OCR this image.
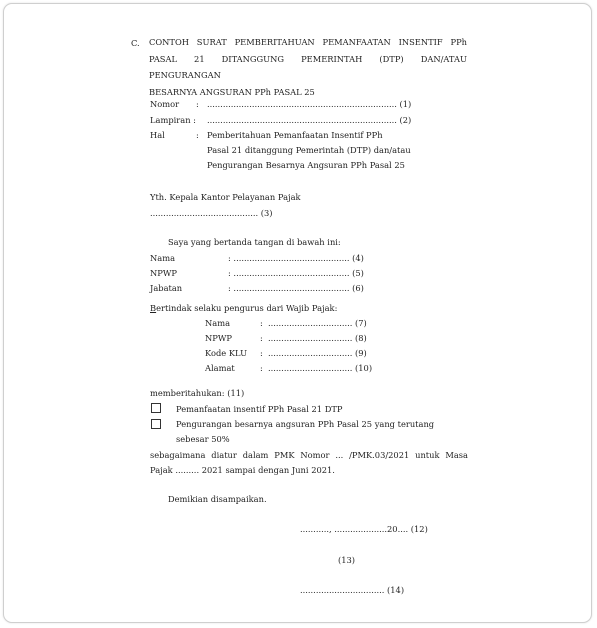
C. CONTOH SURAT PEMBERITAHUAN PEMANFAATAN INSENTIF PPh
PASAL 21 DITANGGUNG PEMERINTAH (DTP) DAN/ATAU PENGURANGAN
BESARNYA ANGSURAN PPh PASAL 25
Nomor : ........................................................................ (1)
Lampiran : ........................................................................ (2)
Hal	: Pemberitahuan Pemanfaatan Insentif PPh
Pasal 21 ditanggung Pemerintah (DTP) dan/atau
Pengurangan Besarnya Angsuran PPh Pasal 25
Yth. Kepala Kantor Pelayanan Pajak
......................................... (3)
Saya yang bertanda tangan di bawah ini:
Nama	: ............................................ (4)
NPWP	: ............................................ (5)
Jabatan	: ............................................ (6)
Bertindak selaku pengurus dari Wajib Pajak:
Nama	: ................................ (7)
NPWP	: ................................ (8)
Kode KLU : ................................ (9)
Alamat	: ................................ (10)
memberitahukan: (11)
Pemanfaatan insentif PPh Pasal 21 DTP
Pengurangan besarnya angsuran PPh Pasal 25 yang terutang
sebesar 50%
sebagaimana diatur dalam PMK Nomor ... /PMK.03/2021 untuk Masa
Pajak ......... 2021 sampai dengan Juni 2021.
Demikian disampaikan.
..........., ....................20.... (12)
(13)
................................ (14)
